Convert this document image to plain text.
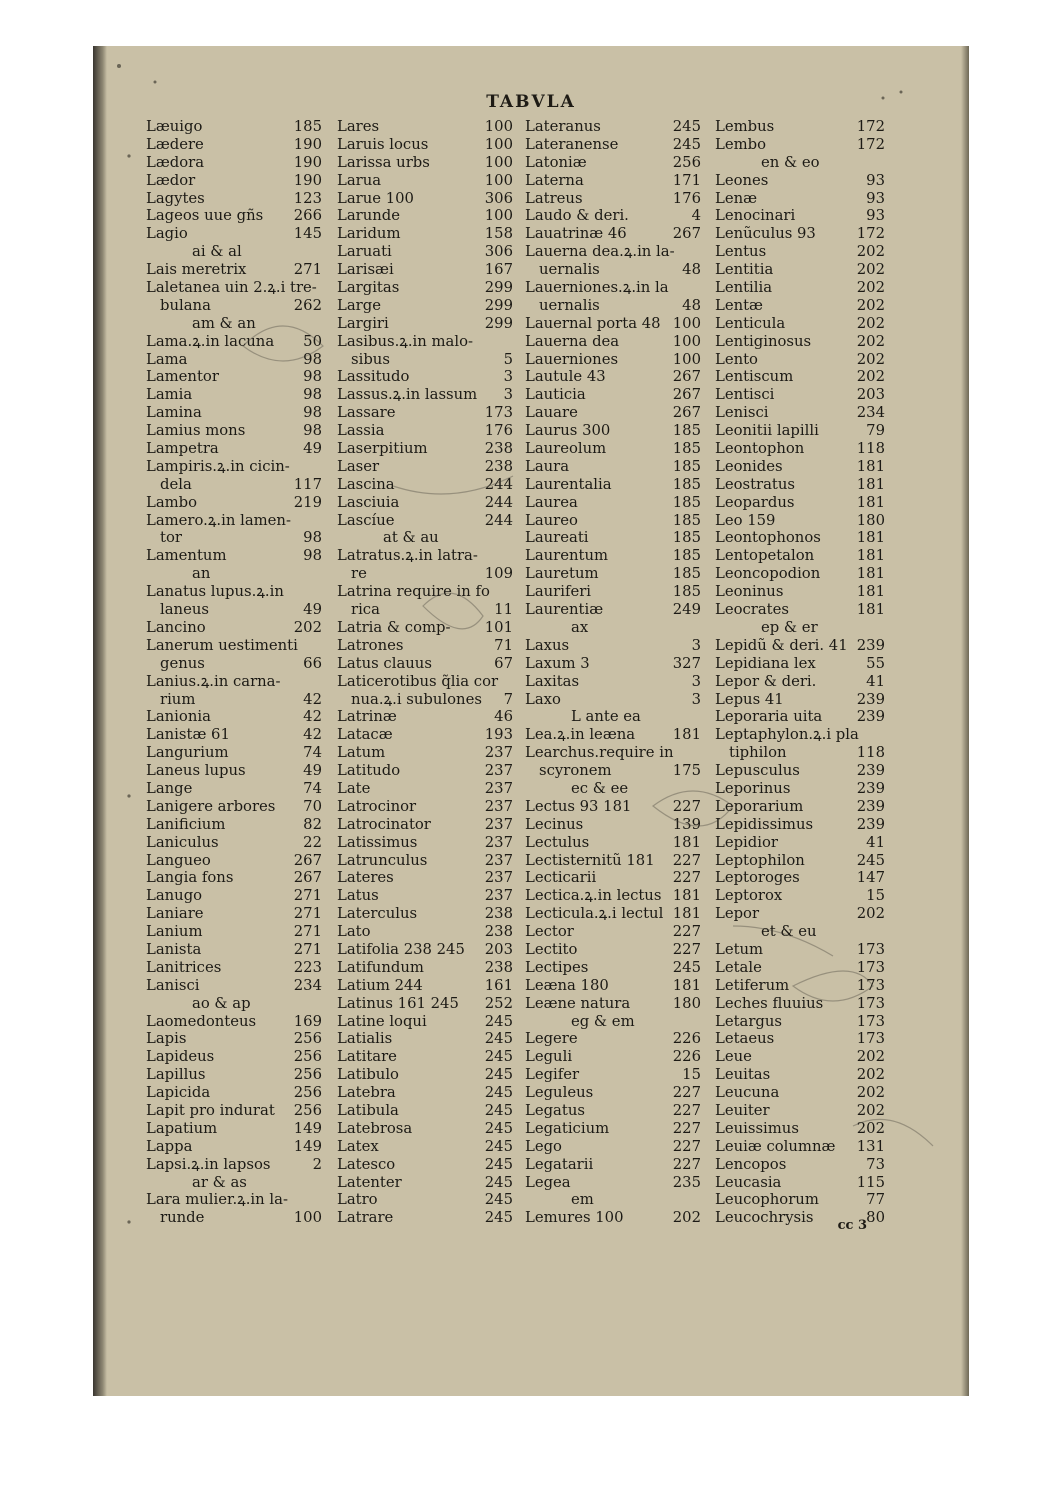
TABVLA
Læuigo	185
Lædere	190
Lædora	190
Lædor	190
Lagytes	123
Lageos uue gñs 266
Lagio	145
ai & al
Lais meretrix	271
Laletanea uin 2.ꝝ.i tre-
bulana	262
am & an
Lama.ꝝ.in lacuna 50
Lama	98
Lamentor	98
Lamia	98
Lamina	98
Lamius mons	98
Lampetra	49
Lampiris.ꝝ.in cicin-
dela	117
Lambo	219
Lamero.ꝝ.in lamen-
tor	98
Lamentum	98
an
Lanatus lupus.ꝝ.in
laneus	49
Lancino	202
Lanerum uestimenti
genus	66
Lanius.ꝝ.in carna-
rium	42
Lanionia	42
Lanistæ 61	42
Langurium	74
Laneus lupus	49
Lange	74
Lanigere arbores 70
Lanificium	82
Laniculus	22
Langueo	267
Langia fons	267
Lanugo	271
Laniare	271
Lanium	271
Lanista	271
Lanitrices	223
Lanisci	234
ao & ap
Laomedonteus	169
Lapis	256
Lapideus	256
Lapillus	256
Lapicida	256
Lapit pro indurat 256
Lapatium	149
Lappa	149
Lapsi.ꝝ.in lapsos	2
ar & as
Lara mulier.ꝝ.in la-
runde	100
Lares	100
Laruis locus	100
Larissa urbs	100
Larua	100
Larue 100	306
Larunde	100
Laridum	158
Laruati	306
Larisæi	167
Largitas	299
Large	299
Largiri	299
Lasibus.ꝝ.in malo-
sibus	5
Lassitudo	3
Lassus.ꝝ.in lassum 3
Lassare	173
Lassia	176
Laserpitium	238
Laser	238
Lascina	244
Lasciuia	244
Lascíue	244
at & au
Latratus.ꝝ.in latra-
re	109
Latrina require in fo
rica	11
Latria & comp- 101
Latrones	71
Latus clauus	67
Laticerotibus q̃lia cor
nua.ꝝ.i subulones 7
Latrinæ	46
Latacæ	193
Latum	237
Latitudo	237
Late	237
Latrocinor	237
Latrocinator	237
Latissimus	237
Latrunculus	237
Lateres	237
Latus	237
Laterculus	238
Lato	238
Latifolia 238 245 203
Latifundum	238
Latium 244	161
Latinus 161 245 252
Latine loqui	245
Latialis	245
Latitare	245
Latibulo	245
Latebra	245
Latibula	245
Latebrosa	245
Latex	245
Latesco	245
Latenter	245
Latro	245
Latrare	245
Lateranus	245
Lateranense	245
Latoniæ	256
Laterna	171
Latreus	176
Laudo & deri.	4
Lauatrinæ 46	267
Lauerna dea.ꝝ.in la-
uernalis	48
Lauerniones.ꝝ.in la
uernalis	48
Lauernal porta 48 100
Lauerna dea	100
Lauerniones	100
Lautule 43	267
Lauticia	267
Lauare	267
Laurus 300	185
Laureolum	185
Laura	185
Laurentalia	185
Laurea	185
Laureo	185
Laureati	185
Laurentum	185
Lauretum	185
Lauriferi	185
Laurentiæ	249
ax
Laxus	3
Laxum 3	327
Laxitas	3
Laxo	3
L ante ea
Lea.ꝝ.in leæna	181
Learchus.require in
scyronem	175
ec & ee
Lectus 93 181	227
Lecinus	139
Lectulus	181
Lectisternitũ 181 227
Lecticarii	227
Lectica.ꝝ.in lectus 181
Lecticula.ꝝ.i lectul 181
Lector	227
Lectito	227
Lectipes	245
Leæna 180	181
Leæne natura	180
eg & em
Legere	226
Leguli	226
Legifer	15
Leguleus	227
Legatus	227
Legaticium	227
Lego	227
Legatarii	227
Legea	235
em
Lemures 100	202
Lembus	172
Lembo	172
en & eo
Leones	93
Lenæ	93
Lenocinari	93
Lenũculus 93	172
Lentus	202
Lentitia	202
Lentilia	202
Lentæ	202
Lenticula	202
Lentiginosus	202
Lento	202
Lentiscum	202
Lentisci	203
Lenisci	234
Leonitii lapilli	79
Leontophon	118
Leonides	181
Leostratus	181
Leopardus	181
Leo 159	180
Leontophonos 181
Lentopetalon	181
Leoncopodion 181
Leoninus	181
Leocrates	181
ep & er
Lepidũ & deri. 41 239
Lepidiana lex	55
Lepor & deri.	41
Lepus 41	239
Leporaria uita 239
Leptaphylon.ꝝ.i pla
tiphilon	118
Lepusculus	239
Leporinus	239
Leporarium	239
Lepidissimus	239
Lepidior	41
Leptophilon	245
Leptoroges	147
Leptorox	15
Lepor	202
et & eu
Letum	173
Letale	173
Letiferum	173
Leches fluuius 173
Letargus	173
Letaeus	173
Leue	202
Leuitas	202
Leucuna	202
Leuiter	202
Leuissimus	202
Leuiæ columnæ 131
Lencopos	73
Leucasia	115
Leucophorum	77
Leucochrysis	80
cc 3
